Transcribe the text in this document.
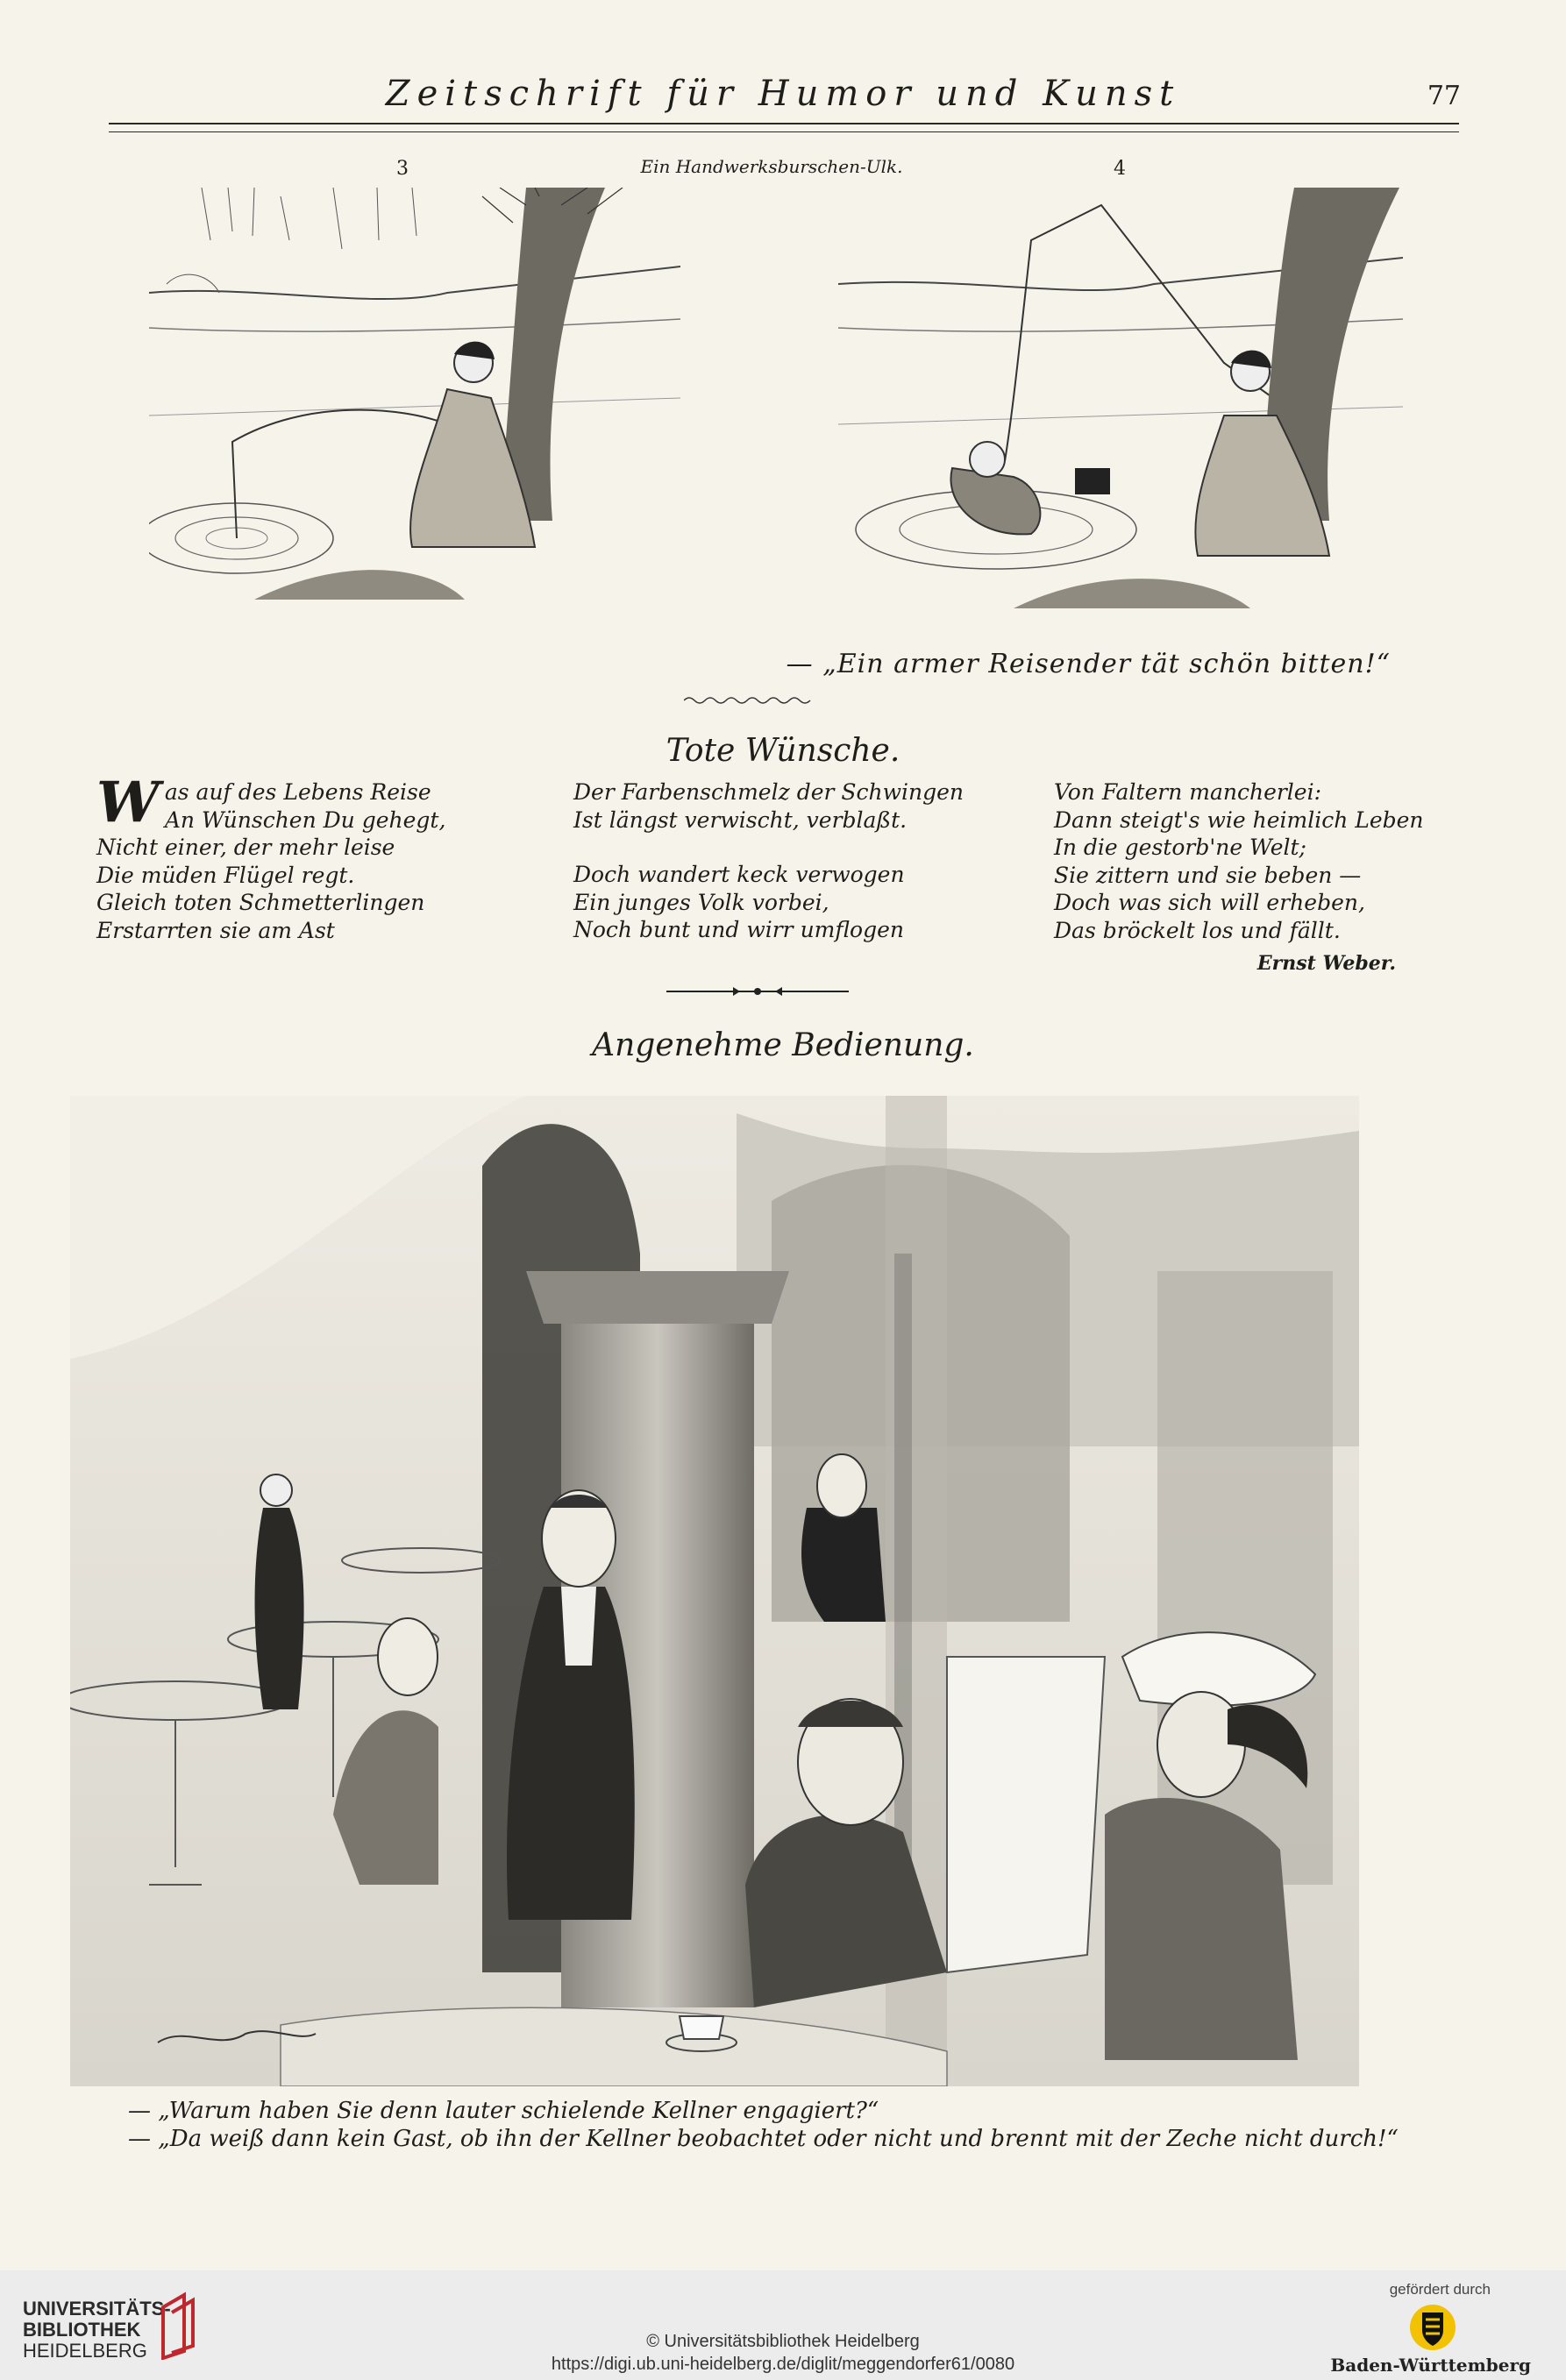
Zeitschrift für Humor und Kunst	77
3	Ein Handwerksburschen-Ulk.	4
— „Ein armer Reisender tät schön bitten!“
Tote Wünsche.
W as auf des Lebens Reise
An Wünschen Du gehegt,
Nicht einer, der mehr leise
Die müden Flügel regt.
Gleich toten Schmetterlingen
Erstarrten sie am Ast
Der Farbenschmelz der Schwingen
Ist längst verwischt, verblaßt.
Doch wandert keck verwogen
Ein junges Volk vorbei,
Noch bunt und wirr umflogen
Von Faltern mancherlei:
Dann steigt's wie heimlich Leben
In die gestorb'ne Welt;
Sie zittern und sie beben —
Doch was sich will erheben,
Das bröckelt los und fällt.
Ernst Weber.
Angenehme Bedienung.
— „Warum haben Sie denn lauter schielende Kellner engagiert?“
— „Da weiß dann kein Gast, ob ihn der Kellner beobachtet oder nicht und brennt mit der Zeche nicht durch!“
UNIVERSITÄTS-
BIBLIOTHEK
HEIDELBERG	© Universitätsbibliothek Heidelberg
https://digi.ub.uni-heidelberg.de/diglit/meggendorfer61/0080
gefördert durch
Baden-Württemberg
